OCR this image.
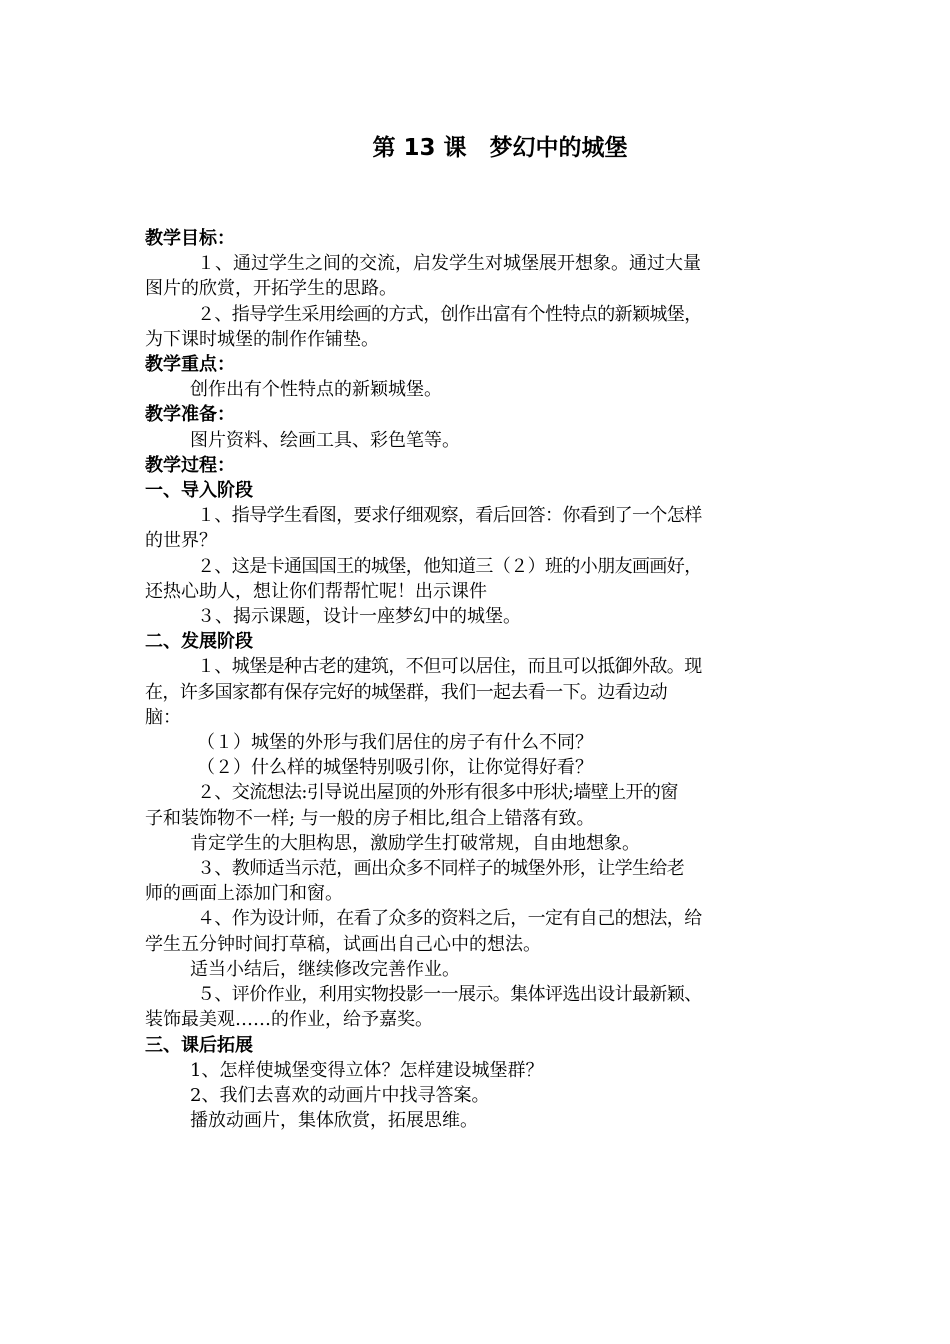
第 13 课　梦幻中的城堡
教学目标：
１、通过学生之间的交流，启发学生对城堡展开想象。通过大量
图片的欣赏，开拓学生的思路。
２、指导学生采用绘画的方式，创作出富有个性特点的新颖城堡，
为下课时城堡的制作作铺垫。
教学重点：
创作出有个性特点的新颖城堡。
教学准备：
图片资料、绘画工具、彩色笔等。
教学过程：
一、导入阶段
１、指导学生看图，要求仔细观察，看后回答：你看到了一个怎样
的世界？
２、这是卡通国国王的城堡，他知道三（２）班的小朋友画画好，
还热心助人，想让你们帮帮忙呢！出示课件
３、揭示课题，设计一座梦幻中的城堡。
二、发展阶段
１、城堡是种古老的建筑，不但可以居住，而且可以抵御外敌。现
在，许多国家都有保存完好的城堡群，我们一起去看一下。边看边动
脑：
（１）城堡的外形与我们居住的房子有什么不同？
（２）什么样的城堡特别吸引你，让你觉得好看？
２、交流想法:引导说出屋顶的外形有很多中形状;墙壁上开的窗
子和装饰物不一样; 与一般的房子相比,组合上错落有致。
肯定学生的大胆构思，激励学生打破常规，自由地想象。
３、教师适当示范，画出众多不同样子的城堡外形，让学生给老
师的画面上添加门和窗。
４、作为设计师，在看了众多的资料之后，一定有自己的想法，给
学生五分钟时间打草稿，试画出自己心中的想法。
适当小结后，继续修改完善作业。
５、评价作业，利用实物投影一一展示。集体评选出设计最新颖、
装饰最美观……的作业，给予嘉奖。
三、课后拓展
1、怎样使城堡变得立体？怎样建设城堡群？
2、我们去喜欢的动画片中找寻答案。
播放动画片，集体欣赏，拓展思维。
